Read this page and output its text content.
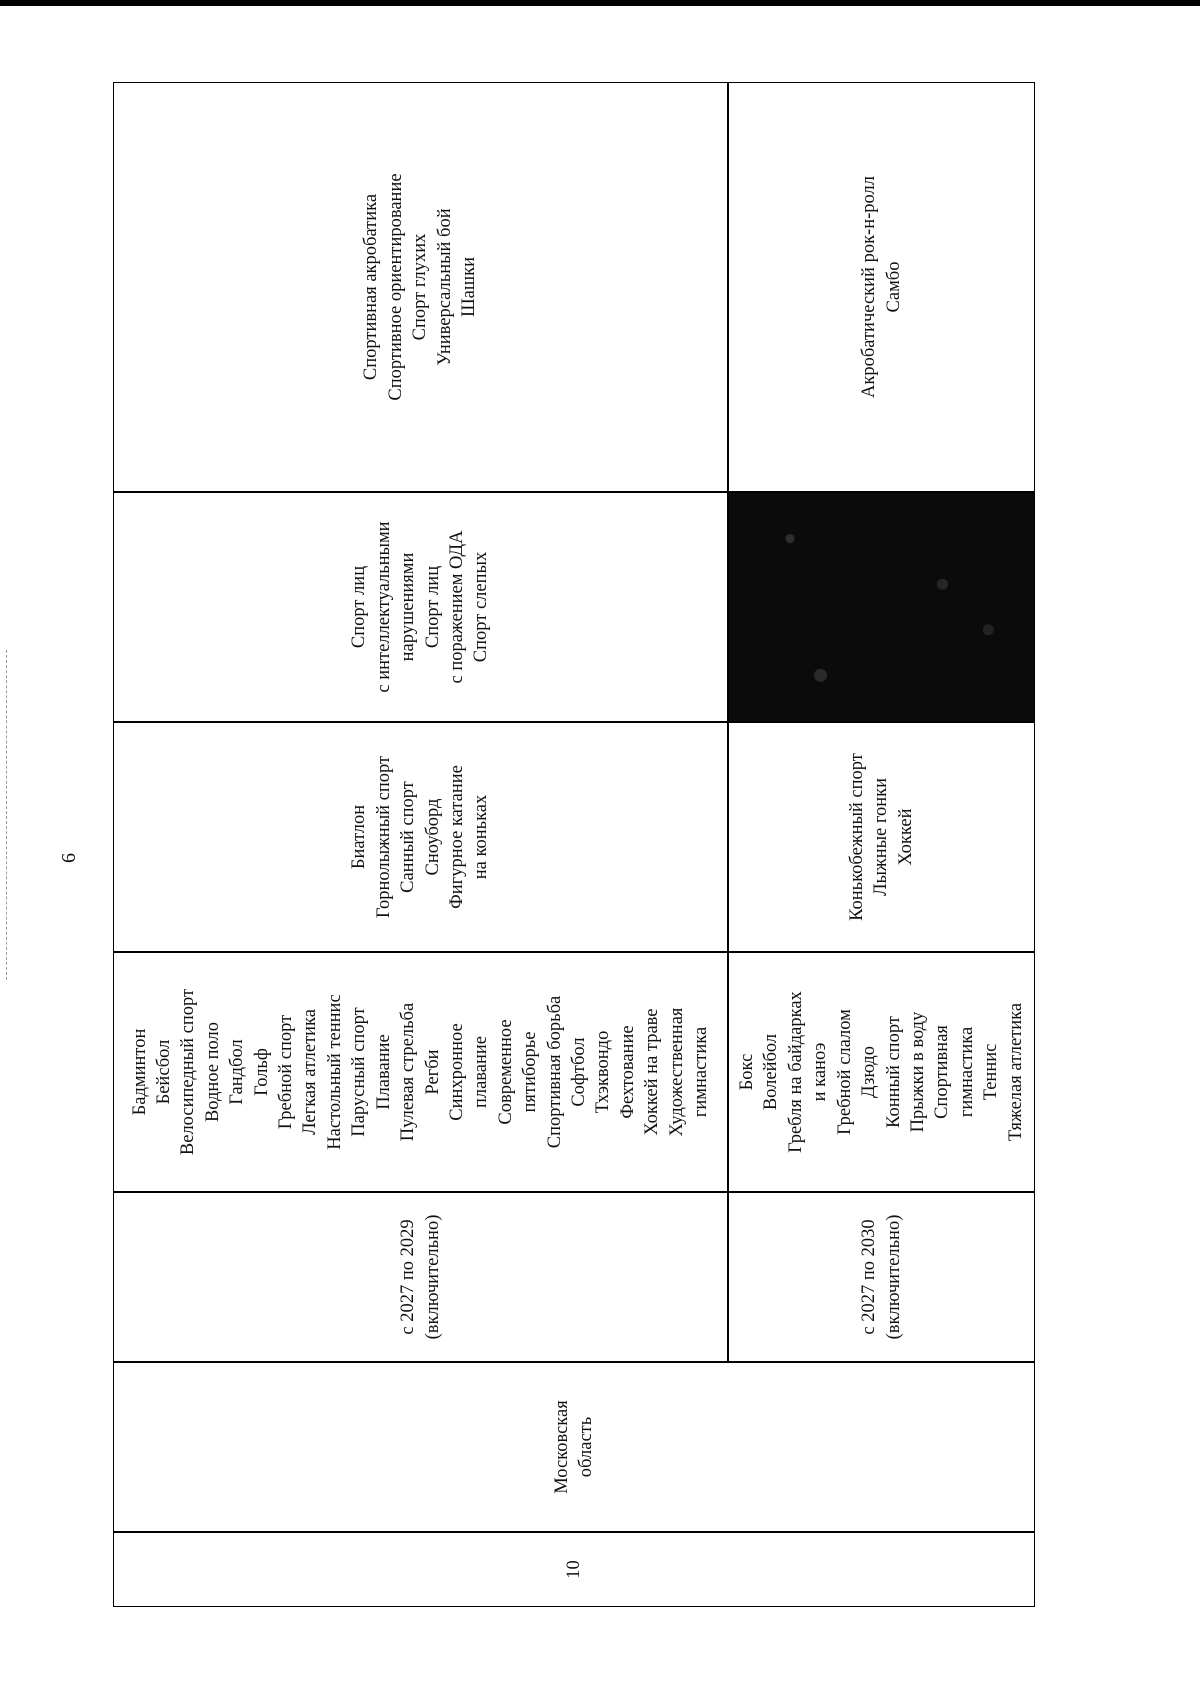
6
10
Московская область
с 2027 по 2029 (включительно)
Бадминтон Бейсбол Велосипедный спорт Водное поло Гандбол Гольф Гребной спорт Легкая атлетика Настольный теннис Парусный спорт Плавание Пулевая стрельба Регби Синхронное плавание Современное пятиборье Спортивная борьба Софтбол Тхэквондо Фехтование Хоккей на траве Художественная гимнастика
Биатлон Горнолыжный спорт Санный спорт Сноуборд Фигурное катание на коньках
Спорт лиц с интеллектуальными нарушениями Спорт лиц с поражением ОДА Спорт слепых
Спортивная акробатика Спортивное ориентирование Спорт глухих Универсальный бой Шашки
с 2027 по 2030 (включительно)
Бокс Волейбол Гребля на байдарках и каноэ Гребной слалом Дзюдо Конный спорт Прыжки в воду Спортивная гимнастика Теннис Тяжелая атлетика
Конькобежный спорт Лыжные гонки Хоккей
Акробатический рок-н-ролл Самбо
